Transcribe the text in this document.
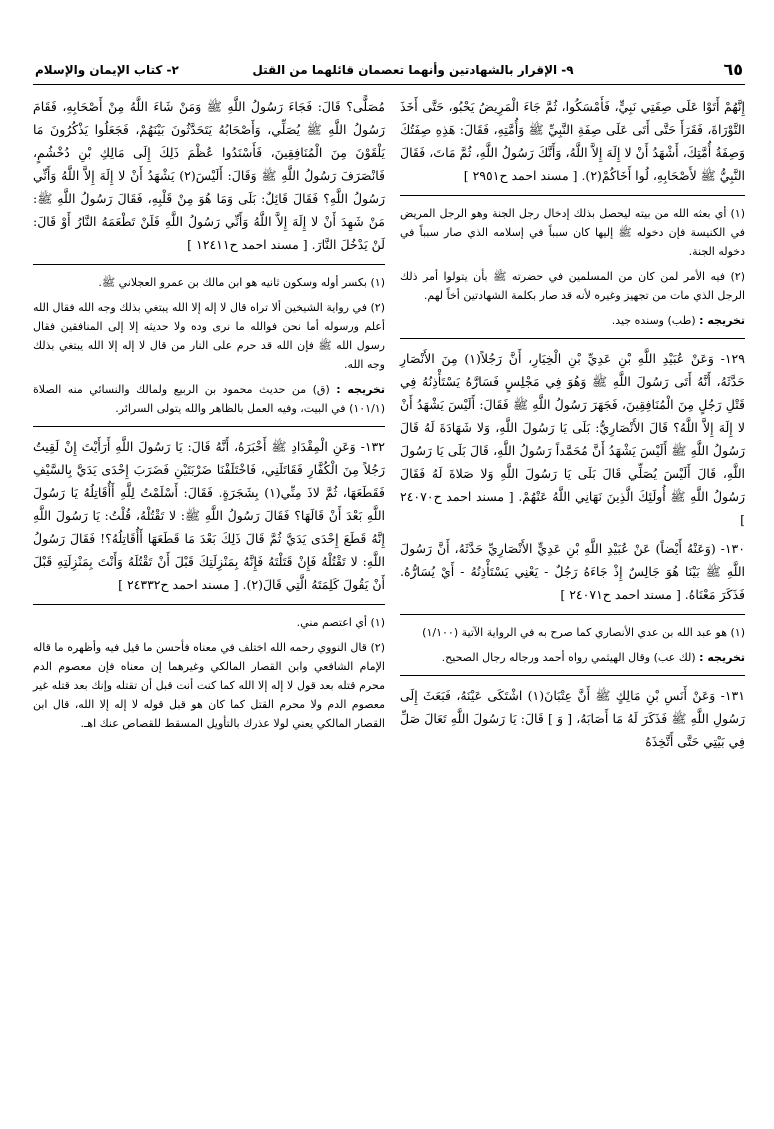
٦٥
٩- الإقرار بالشهادتين وأنهما تعصمان قائلهما من القتل
٢- كتاب الإيمان والإسلام

إِنَّهُمْ أَتَوْا عَلَى صِفَتِي نَبِيٍّ، فَأَمْسَكُوا، ثُمَّ جَاءَ الْمَرِيضُ يَحْبُو، حَتَّى أَخَذَ التَّوْرَاةَ، فَقَرَأَ حَتَّى أَتَى عَلَى صِفَةِ النَّبِيِّ ﷺ وَأُمَّتِهِ، فَقَالَ: هَذِهِ صِفَتُكَ وَصِفَةُ أُمَّتِكَ، أَشْهَدُ أَنْ لا إِلَهَ إِلاَّ اللَّهُ، وَأَنَّكَ رَسُولُ اللَّهِ، ثُمَّ مَاتَ، فَقَالَ النَّبِيُّ ﷺ لأَصْحَابِهِ، لُوا أَخَاكُمْ(٢). [ مسند احمد ح٢٩٥١ ]

(١) أي بعثه الله من بيته ليحصل بذلك إدخال رجل الجنة وهو الرجل المريض في الكنيسة فإن دخوله ﷺ إليها كان سبباً في إسلامه الذي صار سبباً في دخوله الجنة.

(٢) فيه الأمر لمن كان من المسلمين في حضرته ﷺ بأن يتولوا أمر ذلك الرجل الذي مات من تجهيز وغيره لأنه قد صار بكلمة الشهادتين أخاً لهم.

تخريجه : (طب) وسنده جيد.

١٢٩- وَعَنْ عُبَيْدِ اللَّهِ بْنِ عَدِيِّ بْنِ الْخِيَارِ، أَنَّ رَجُلاً(١) مِنَ الأَنْصَارِ حَدَّثَهُ، أَنَّهُ أَتَى رَسُولَ اللَّهِ ﷺ وَهُوَ فِي مَجْلِسٍ فَسَارَّهُ يَسْتَأْذِنُهُ فِي قَتْلِ رَجُلٍ مِنَ الْمُنَافِقِينَ، فَجَهَرَ رَسُولُ اللَّهِ ﷺ فَقَالَ: أَلَيْسَ يَشْهَدُ أَنْ لا إِلَهَ إِلاَّ اللَّهُ؟ قَالَ الأَنْصَارِيُّ: بَلَى يَا رَسُولَ اللَّهِ، وَلا شَهَادَةَ لَهُ قَالَ رَسُولُ اللَّهِ ﷺ أَلَيْسَ يَشْهَدُ أَنَّ مُحَمَّداً رَسُولُ اللَّهِ، قَالَ بَلَى يَا رَسُولَ اللَّهِ، قَالَ أَلَيْسَ يُصَلِّي قَالَ بَلَى يَا رَسُولَ اللَّهِ وَلا صَلاةَ لَهُ فَقَالَ رَسُولُ اللَّهِ ﷺ أُولَئِكَ الَّذِينَ نَهَانِي اللَّهُ عَنْهُمْ. [ مسند احمد ح٢٤٠٧٠ ]

١٣٠- (وَعَنْهُ أَيْضاً) عَنْ عُبَيْدِ اللَّهِ بْنِ عَدِيٍّ الأَنْصَارِيِّ حَدَّثَهُ، أَنَّ رَسُولَ اللَّهِ ﷺ بَيْنَا هُوَ جَالِسٌ إِذْ جَاءَهُ رَجُلٌ - يَعْنِي يَسْتَأْذِنُهُ - أَيْ يُسَارُّهُ. فَذَكَرَ مَعْنَاهُ. [ مسند احمد ح٢٤٠٧١ ]

(١) هو عبد الله بن عدي الأنصاري كما صرح به في الرواية الآتية (١/١٠٠)

تخريجه : (لك عب) وقال الهيثمي رواه أحمد ورجاله رجال الصحيح.

١٣١- وَعَنْ أَنَسِ بْنِ مَالِكٍ ﷺ أَنَّ عِتْبَانَ(١) اشْتَكَى عَيْنَهُ، فَبَعَثَ إِلَى رَسُولِ اللَّهِ ﷺ فَذَكَرَ لَهُ مَا أَصَابَهُ، [ وَ ] قَالَ: يَا رَسُولَ اللَّهِ تَعَالَ صَلِّ فِي بَيْتِي حَتَّى أَتَّخِذَهُ

مُصَلًّى؟ قَالَ: فَجَاءَ رَسُولُ اللَّهِ ﷺ وَمَنْ شَاءَ اللَّهُ مِنْ أَصْحَابِهِ، فَقَامَ رَسُولُ اللَّهِ ﷺ يُصَلِّي، وَأَصْحَابُهُ يَتَحَدَّثُونَ بَيْنَهُمْ، فَجَعَلُوا يَذْكُرُونَ مَا يَلْقَوْنَ مِنَ الْمُنَافِقِينَ، فَأَسْنَدُوا عُظْمَ ذَلِكَ إِلَى مَالِكِ بْنِ دُخْشُمٍ، فَانْصَرَفَ رَسُولُ اللَّهِ ﷺ وَقَالَ: أَلَيْسَ(٢) يَشْهَدُ أَنْ لا إِلَهَ إِلاَّ اللَّهُ وَأَنِّي رَسُولُ اللَّهِ؟ فَقَالَ قَائِلٌ: بَلَى وَمَا هُوَ مِنْ قَلْبِهِ، فَقَالَ رَسُولُ اللَّهِ ﷺ: مَنْ شَهِدَ أَنْ لا إِلَهَ إِلاَّ اللَّهُ وَأَنِّي رَسُولُ اللَّهِ فَلَنْ تَطْعَمَهُ النَّارُ أَوْ قَالَ: لَنْ يَدْخُلَ النَّارَ. [ مسند احمد ح١٢٤١١ ]

(١) بكسر أوله وسكون ثانيه هو ابن مالك بن عمرو العجلاني ﷺ.

(٢) في رواية الشيخين ألا تراه قال لا إله إلا الله يبتغي بذلك وجه الله فقال الله أعلم ورسوله أما نحن فوالله ما نرى وده ولا حديثه إلا إلى المنافقين فقال رسول الله ﷺ فإن الله قد حرم على النار من قال لا إله إلا الله يبتغي بذلك وجه الله.

تخريجه : (ق) من حديث محمود بن الربيع ولمالك والنسائي منه الصلاة (١٠١/١) في البيت، وفيه العمل بالظاهر والله يتولى السرائر.

١٣٢- وَعَنِ الْمِقْدَادِ ﷺ أَخْبَرَهُ، أَنَّهُ قَالَ: يَا رَسُولَ اللَّهِ أَرَأَيْتَ إِنْ لَقِيتُ رَجُلاً مِنَ الْكُفَّارِ فَقَاتَلَنِي، فَاخْتَلَفْنَا ضَرْبَتَيْنِ فَضَرَبَ إِحْدَى يَدَيَّ بِالسَّيْفِ فَقَطَعَهَا، ثُمَّ لاذَ مِنِّي(١) بِشَجَرَةٍ. فَقَالَ: أَسْلَمْتُ لِلَّهِ أَأُقَاتِلُهُ يَا رَسُولَ اللَّهِ بَعْدَ أَنْ قَالَهَا؟ فَقَالَ رَسُولُ اللَّهِ ﷺ: لا تَقْتُلْهُ، قُلْتُ: يَا رَسُولَ اللَّهِ إِنَّهُ قَطَعَ إِحْدَى يَدَيَّ ثُمَّ قَالَ ذَلِكَ بَعْدَ مَا قَطَعَهَا أَأُقَاتِلُهُ؟! فَقَالَ رَسُولُ اللَّهِ: لا تَقْتُلْهُ فَإِنْ قَتَلْتَهُ فَإِنَّهُ بِمَنْزِلَتِكَ قَبْلَ أَنْ تَقْتُلَهُ وَأَنْتَ بِمَنْزِلَتِهِ قَبْلَ أَنْ يَقُولَ كَلِمَتَهُ الَّتِي قَالَ(٢). [ مسند احمد ح٢٤٣٣٢ ]

(١) أي اعتصم مني.

(٢) قال النووي رحمه الله اختلف في معناه فأحسن ما قيل فيه وأظهره ما قاله الإمام الشافعي وابن القصار المالكي وغيرهما إن معناه فإن معصوم الدم محرم قتله بعد قول لا إله إلا الله كما كنت أنت قبل أن تقتله وإنك بعد قتله غير معصوم الدم ولا محرم القتل كما كان هو قبل قوله لا إله إلا الله، قال ابن القصار المالكي يعني لولا عذرك بالتأويل المسقط للقصاص عنك اهـ.
